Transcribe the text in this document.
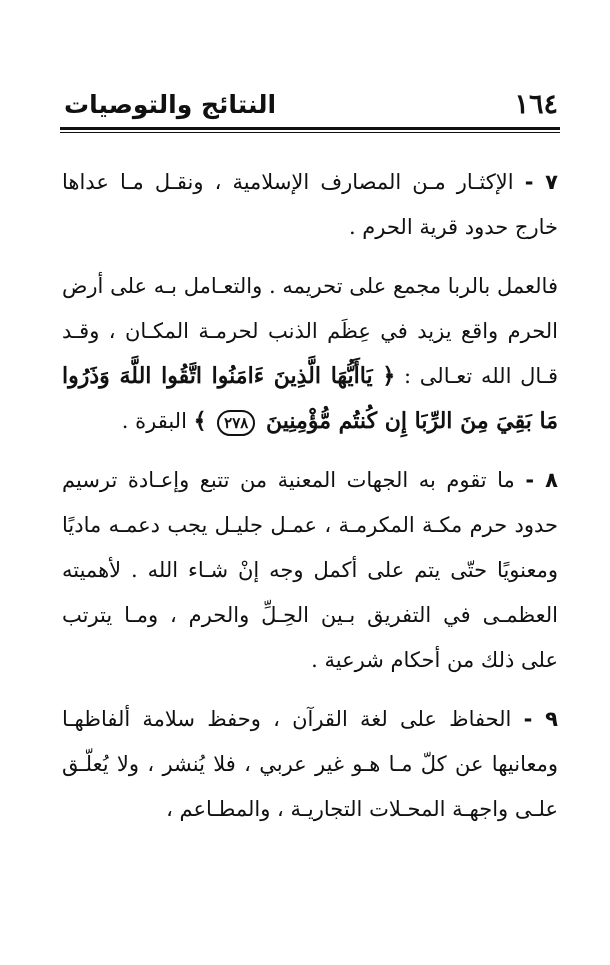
١٦٤
النتائج والتوصيات

٧ - الإكثـار مـن المصارف الإسلامية ، ونقـل مـا عداها خارج حدود قرية الحرم .

فالعمل بالربا مجمع على تحريمه . والتعـامل بـه على أرض الحرم واقع يزيد في عِظَم الذنب لحرمـة المكـان ، وقـد قـال الله تعـالى : ﴿ يَاأَيُّهَا الَّذِينَ ءَامَنُوا اتَّقُوا اللَّهَ وَذَرُوا مَا بَقِيَ مِنَ الرِّبَا إِن كُنتُم مُّؤْمِنِينَ ٢٧٨ ﴾ البقرة .

٨ - ما تقوم به الجهات المعنية من تتبع وإعـادة ترسيم حدود حرم مكـة المكرمـة ، عمـل جليـل يجب دعمـه ماديًا ومعنويًا حتّى يتم على أكمل وجه إنْ شـاء الله . لأهميته العظمـى في التفريق بـين الحِـلِّ والحرم ، ومـا يترتب على ذلك من أحكام شرعية .

٩ - الحفاظ على لغة القرآن ، وحفظ سلامة ألفاظهـا ومعانيها عن كلّ مـا هـو غير عربي ، فلا يُنشر ، ولا يُعلّـق علـى واجهـة المحـلات التجاريـة ، والمطـاعم ،
